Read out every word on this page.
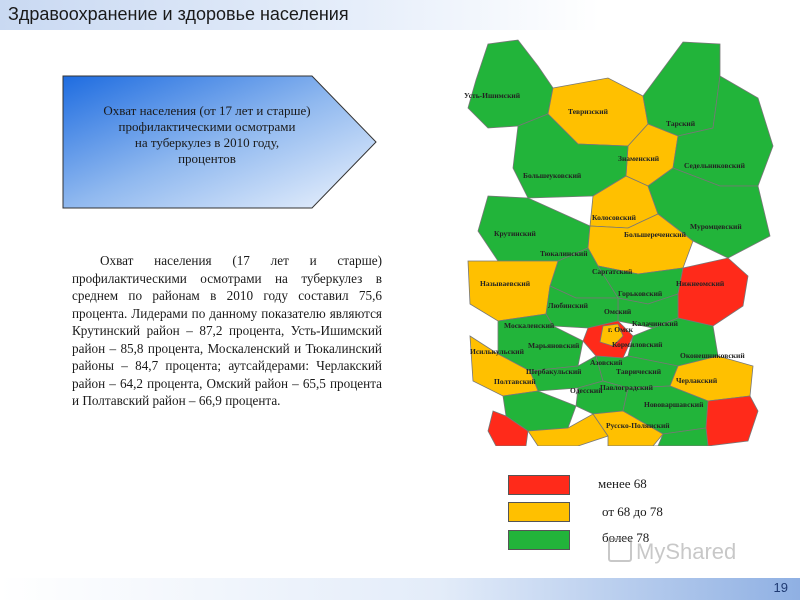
Здравоохранение и здоровье населения
Охват населения (от 17 лет и старше)
профилактическими осмотрами
на туберкулез в 2010 году,
процентов
Охват населения (17 лет и старше) профилактическими осмотрами на туберкулез в среднем по районам в 2010 году составил 75,6 процента. Лидерами по данному показателю являются Крутинский район – 87,2 процента, Усть-Ишимский район – 85,8 процента, Москаленский и Тюкалинский районы – 84,7 процента; аутсайдерами: Черлакский район – 64,2 процента, Омский район – 65,5 процента и Полтавский район – 66,9 процента.
Усть-Ишимский
Тевризский
Тарский
Знаменский
Седельниковский
Большеуковский
Колосовский
Муромцевский
Крутинский	Большереченский
Тюкалинский
Саргатский
Нижнеомский
Называевский
Горьковский
Любинский
Омский
Калачинский
Москаленский	г. Омск
Марьяновский	Кормиловский
Исилькульский	Оконешниковский
Азовский
Шербакульский
Полтавский
Таврический
Черлакский
Одесский
Павлоградский
Нововаршавский
Русско-Полянский
менее 68
от 68 до 78
более 78
MyShared
19
